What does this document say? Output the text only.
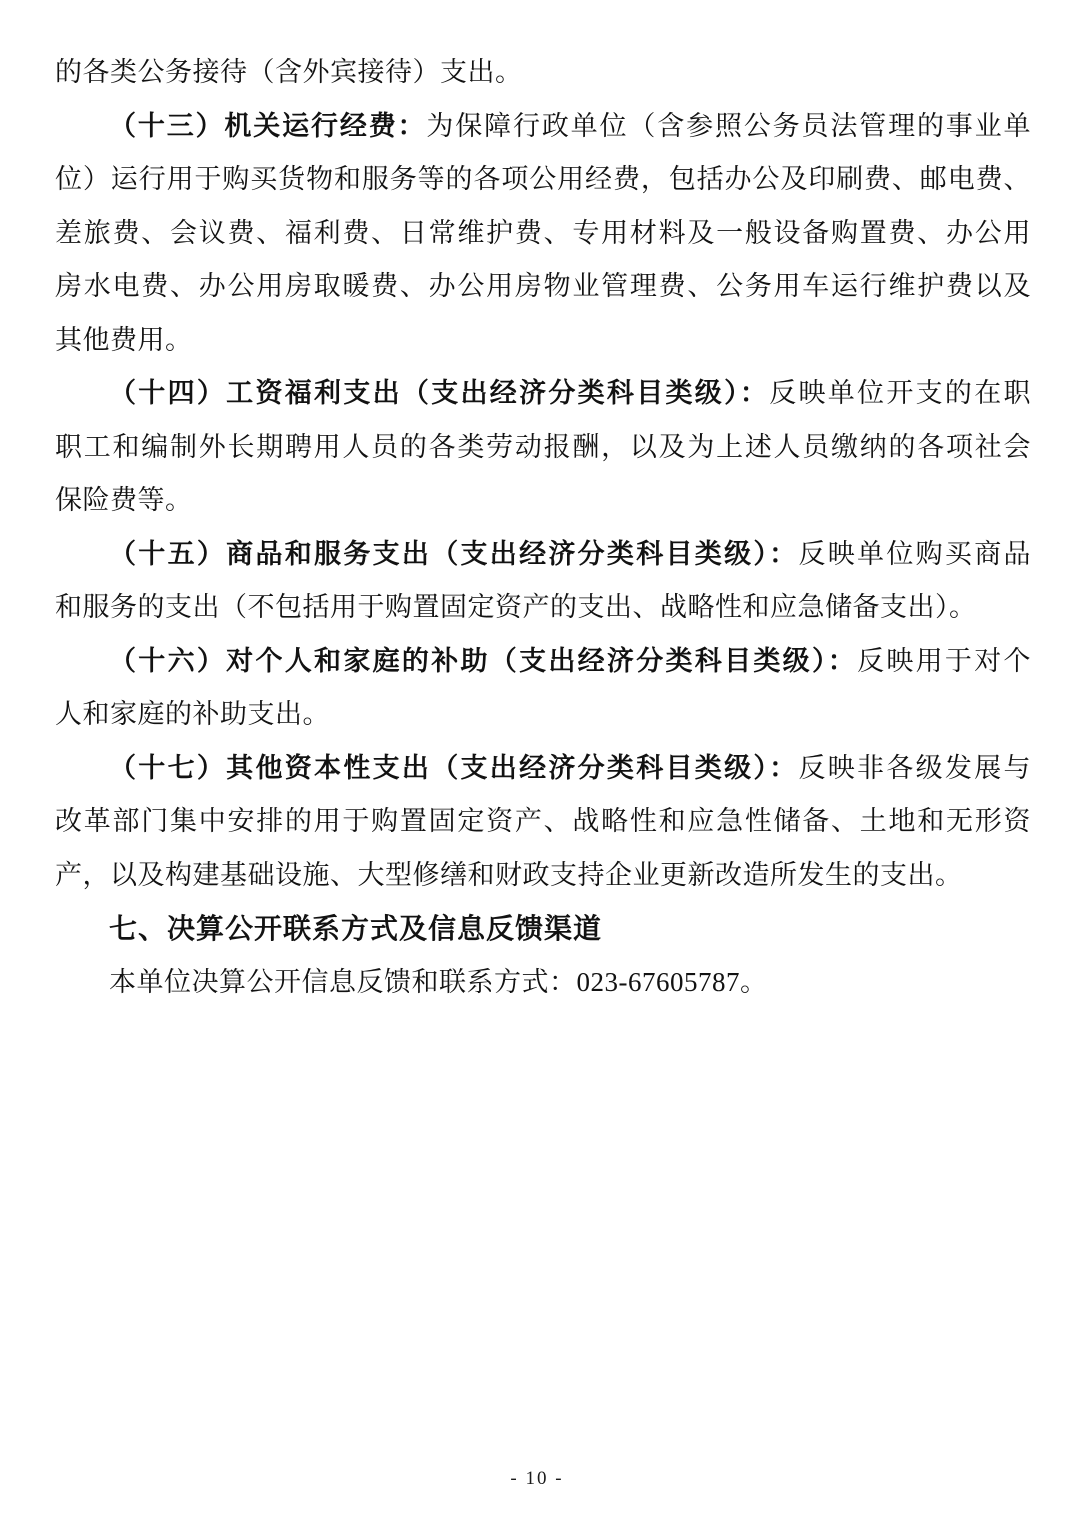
的各类公务接待（含外宾接待）支出。
（十三）机关运行经费：为保障行政单位（含参照公务员法管理的事业单
位）运行用于购买货物和服务等的各项公用经费，包括办公及印刷费、邮电费、
差旅费、会议费、福利费、日常维护费、专用材料及一般设备购置费、办公用
房水电费、办公用房取暖费、办公用房物业管理费、公务用车运行维护费以及
其他费用。
（十四）工资福利支出（支出经济分类科目类级）：反映单位开支的在职
职工和编制外长期聘用人员的各类劳动报酬，以及为上述人员缴纳的各项社会
保险费等。
（十五）商品和服务支出（支出经济分类科目类级）：反映单位购买商品
和服务的支出（不包括用于购置固定资产的支出、战略性和应急储备支出）。
（十六）对个人和家庭的补助（支出经济分类科目类级）：反映用于对个
人和家庭的补助支出。
（十七）其他资本性支出（支出经济分类科目类级）：反映非各级发展与
改革部门集中安排的用于购置固定资产、战略性和应急性储备、土地和无形资
产，以及构建基础设施、大型修缮和财政支持企业更新改造所发生的支出。
七、决算公开联系方式及信息反馈渠道
本单位决算公开信息反馈和联系方式：023-67605787。
- 10 -
